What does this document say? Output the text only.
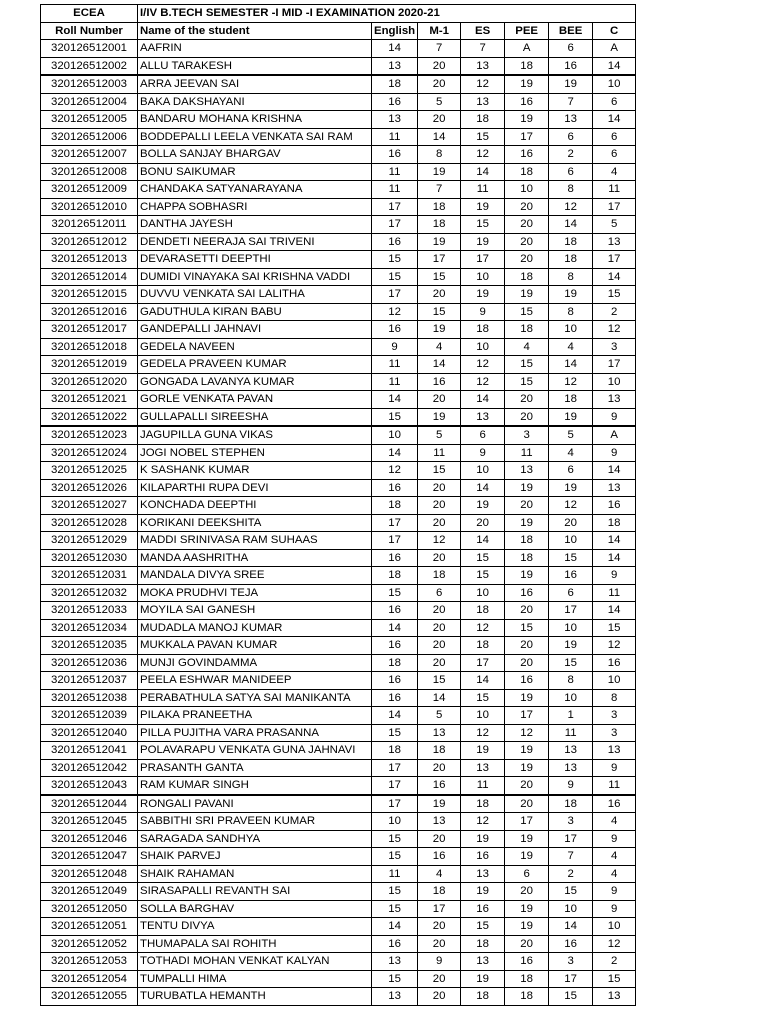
ECEA	I/IV B.TECH SEMESTER -I MID -I EXAMINATION 2020-21						
Roll Number	Name of the student	English	M-1	ES	PEE	BEE	C
320126512001	AAFRIN	14	7	7	A	6	A
320126512002	ALLU TARAKESH	13	20	13	18	16	14
320126512003	ARRA JEEVAN SAI	18	20	12	19	19	10
320126512004	BAKA DAKSHAYANI	16	5	13	16	7	6
320126512005	BANDARU MOHANA KRISHNA	13	20	18	19	13	14
320126512006	BODDEPALLI LEELA VENKATA SAI RAM	11	14	15	17	6	6
320126512007	BOLLA SANJAY BHARGAV	16	8	12	16	2	6
320126512008	BONU SAIKUMAR	11	19	14	18	6	4
320126512009	CHANDAKA SATYANARAYANA	11	7	11	10	8	11
320126512010	CHAPPA SOBHASRI	17	18	19	20	12	17
320126512011	DANTHA JAYESH	17	18	15	20	14	5
320126512012	DENDETI NEERAJA SAI TRIVENI	16	19	19	20	18	13
320126512013	DEVARASETTI DEEPTHI	15	17	17	20	18	17
320126512014	DUMIDI VINAYAKA SAI KRISHNA VADDI	15	15	10	18	8	14
320126512015	DUVVU VENKATA SAI LALITHA	17	20	19	19	19	15
320126512016	GADUTHULA KIRAN BABU	12	15	9	15	8	2
320126512017	GANDEPALLI JAHNAVI	16	19	18	18	10	12
320126512018	GEDELA NAVEEN	9	4	10	4	4	3
320126512019	GEDELA PRAVEEN KUMAR	11	14	12	15	14	17
320126512020	GONGADA LAVANYA KUMAR	11	16	12	15	12	10
320126512021	GORLE VENKATA PAVAN	14	20	14	20	18	13
320126512022	GULLAPALLI SIREESHA	15	19	13	20	19	9
320126512023	JAGUPILLA GUNA VIKAS	10	5	6	3	5	A
320126512024	JOGI NOBEL STEPHEN	14	11	9	11	4	9
320126512025	K SASHANK KUMAR	12	15	10	13	6	14
320126512026	KILAPARTHI RUPA DEVI	16	20	14	19	19	13
320126512027	KONCHADA DEEPTHI	18	20	19	20	12	16
320126512028	KORIKANI DEEKSHITA	17	20	20	19	20	18
320126512029	MADDI SRINIVASA RAM SUHAAS	17	12	14	18	10	14
320126512030	MANDA AASHRITHA	16	20	15	18	15	14
320126512031	MANDALA DIVYA SREE	18	18	15	19	16	9
320126512032	MOKA PRUDHVI TEJA	15	6	10	16	6	11
320126512033	MOYILA SAI GANESH	16	20	18	20	17	14
320126512034	MUDADLA MANOJ KUMAR	14	20	12	15	10	15
320126512035	MUKKALA PAVAN KUMAR	16	20	18	20	19	12
320126512036	MUNJI GOVINDAMMA	18	20	17	20	15	16
320126512037	PEELA ESHWAR MANIDEEP	16	15	14	16	8	10
320126512038	PERABATHULA SATYA SAI MANIKANTA	16	14	15	19	10	8
320126512039	PILAKA PRANEETHA	14	5	10	17	1	3
320126512040	PILLA PUJITHA VARA PRASANNA	15	13	12	12	11	3
320126512041	POLAVARAPU VENKATA GUNA JAHNAVI	18	18	19	19	13	13
320126512042	PRASANTH GANTA	17	20	13	19	13	9
320126512043	RAM KUMAR SINGH	17	16	11	20	9	11
320126512044	RONGALI PAVANI	17	19	18	20	18	16
320126512045	SABBITHI SRI PRAVEEN KUMAR	10	13	12	17	3	4
320126512046	SARAGADA SANDHYA	15	20	19	19	17	9
320126512047	SHAIK PARVEJ	15	16	16	19	7	4
320126512048	SHAIK RAHAMAN	11	4	13	6	2	4
320126512049	SIRASAPALLI REVANTH SAI	15	18	19	20	15	9
320126512050	SOLLA BARGHAV	15	17	16	19	10	9
320126512051	TENTU DIVYA	14	20	15	19	14	10
320126512052	THUMAPALA SAI ROHITH	16	20	18	20	16	12
320126512053	TOTHADI MOHAN VENKAT KALYAN	13	9	13	16	3	2
320126512054	TUMPALLI HIMA	15	20	19	18	17	15
320126512055	TURUBATLA HEMANTH	13	20	18	18	15	13
